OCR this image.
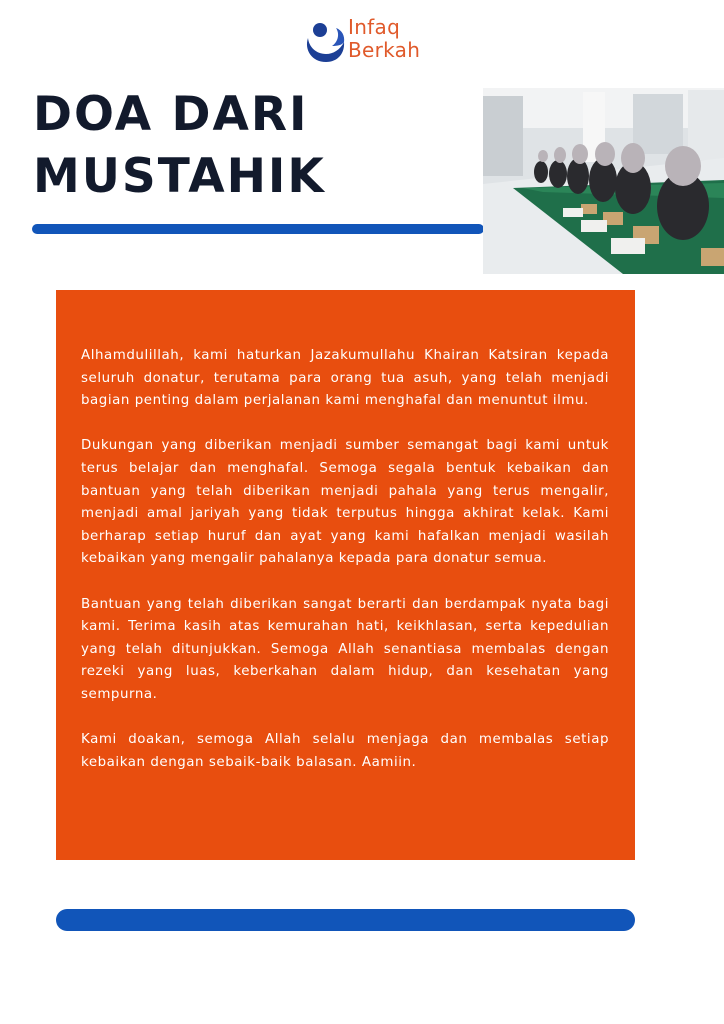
Infaq
Berkah
DOA DARI
MUSTAHIK

Alhamdulillah, kami haturkan Jazakumullahu Khairan Katsiran kepada seluruh donatur, terutama para orang tua asuh, yang telah menjadi bagian penting dalam perjalanan kami menghafal dan menuntut ilmu.

Dukungan yang diberikan menjadi sumber semangat bagi kami untuk terus belajar dan menghafal. Semoga segala bentuk kebaikan dan bantuan yang telah diberikan menjadi pahala yang terus mengalir, menjadi amal jariyah yang tidak terputus hingga akhirat kelak. Kami berharap setiap huruf dan ayat yang kami hafalkan menjadi wasilah kebaikan yang mengalir pahalanya kepada para donatur semua.

Bantuan yang telah diberikan sangat berarti dan berdampak nyata bagi kami. Terima kasih atas kemurahan hati, keikhlasan, serta kepedulian yang telah ditunjukkan. Semoga Allah senantiasa membalas dengan rezeki yang luas, keberkahan dalam hidup, dan kesehatan yang sempurna.

Kami doakan, semoga Allah selalu menjaga dan membalas setiap kebaikan dengan sebaik-baik balasan. Aamiin.
